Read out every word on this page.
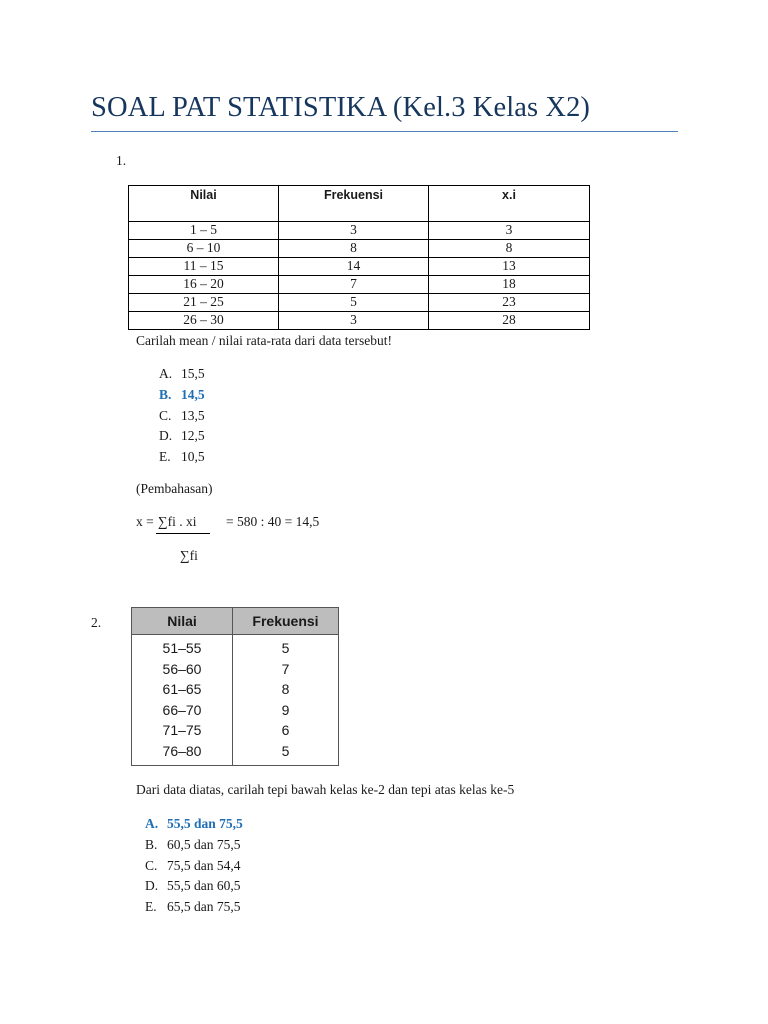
SOAL PAT STATISTIKA (Kel.3 Kelas X2)
1.
Nilai	Frekuensi	x.i
1 – 5	3	3
6 – 10	8	8
11 – 15	14	13
16 – 20	7	18
21 – 25	5	23
26 – 30	3	28
Carilah mean / nilai rata-rata dari data tersebut!
A. 15,5
B. 14,5
C. 13,5
D. 12,5
E. 10,5
(Pembahasan)
x = ∑fi . xi = 580 : 40 = 14,5
∑fi
2.	Nilai	Frekuensi
51–55	5
56–60	7
61–65	8
66–70	9
71–75	6
76–80	5
Dari data diatas, carilah tepi bawah kelas ke-2 dan tepi atas kelas ke-5
A. 55,5 dan 75,5
B. 60,5 dan 75,5
C. 75,5 dan 54,4
D. 55,5 dan 60,5
E. 65,5 dan 75,5
